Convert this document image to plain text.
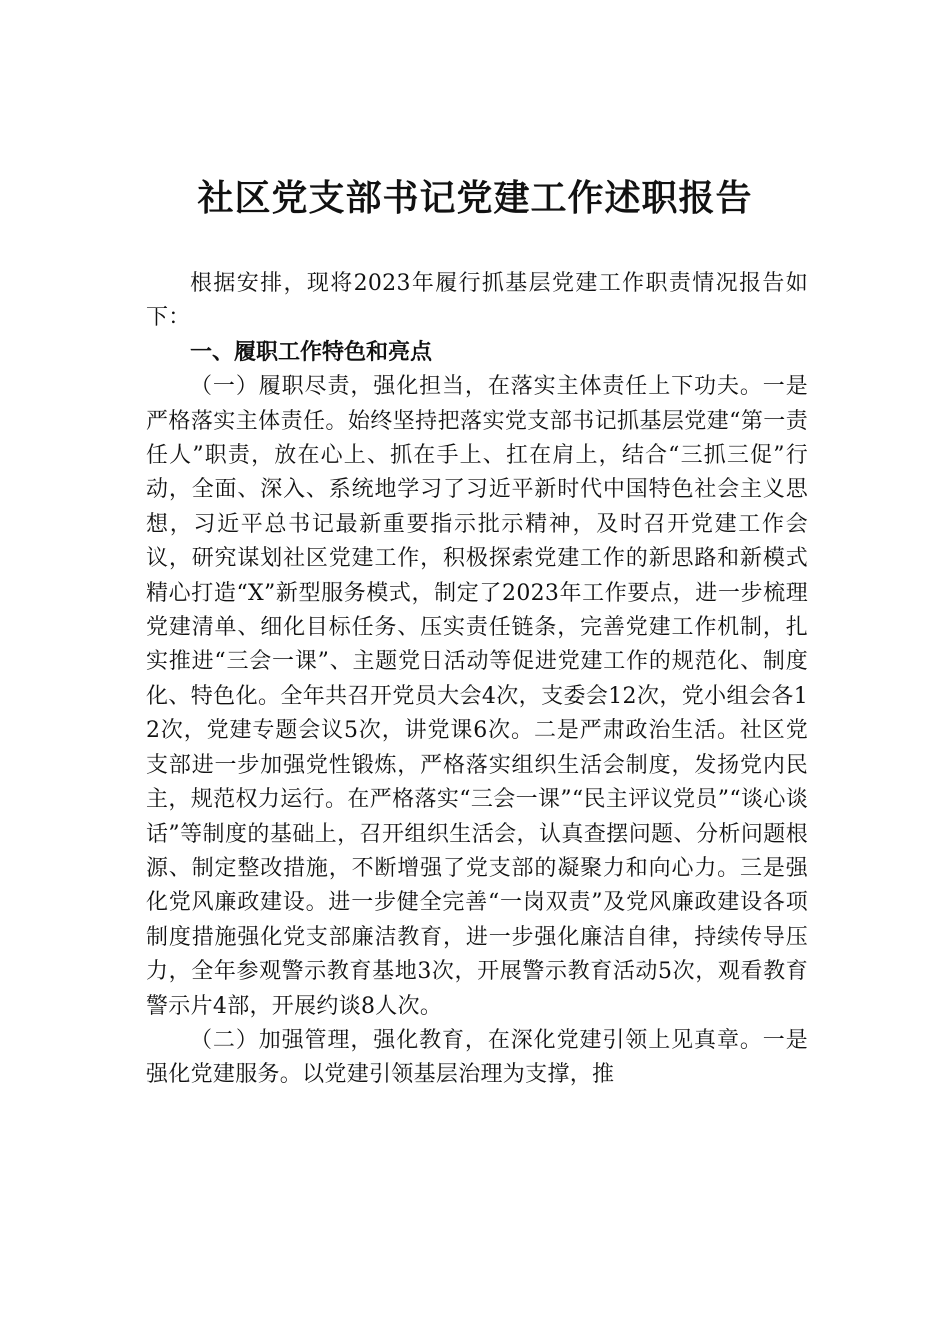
社区党支部书记党建工作述职报告

根据安排，现将2023年履行抓基层党建工作职责情况报告如下：

一、履职工作特色和亮点

（一）履职尽责，强化担当，在落实主体责任上下功夫。一是严格落实主体责任。始终坚持把落实党支部书记抓基层党建“第一责任人”职责，放在心上、抓在手上、扛在肩上，结合“三抓三促”行动，全面、深入、系统地学习了习近平新时代中国特色社会主义思想，习近平总书记最新重要指示批示精神，及时召开党建工作会议，研究谋划社区党建工作，积极探索党建工作的新思路和新模式精心打造“X”新型服务模式，制定了2023年工作要点，进一步梳理党建清单、细化目标任务、压实责任链条，完善党建工作机制，扎实推进“三会一课”、主题党日活动等促进党建工作的规范化、制度化、特色化。全年共召开党员大会4次，支委会12次，党小组会各12次，党建专题会议5次，讲党课6次。二是严肃政治生活。社区党支部进一步加强党性锻炼，严格落实组织生活会制度，发扬党内民主，规范权力运行。在严格落实“三会一课”“民主评议党员”“谈心谈话”等制度的基础上，召开组织生活会，认真查摆问题、分析问题根源、制定整改措施，不断增强了党支部的凝聚力和向心力。三是强化党风廉政建设。进一步健全完善“一岗双责”及党风廉政建设各项制度措施强化党支部廉洁教育，进一步强化廉洁自律，持续传导压力，全年参观警示教育基地3次，开展警示教育活动5次，观看教育警示片4部，开展约谈8人次。

（二）加强管理，强化教育，在深化党建引领上见真章。一是强化党建服务。以党建引领基层治理为支撑，推
